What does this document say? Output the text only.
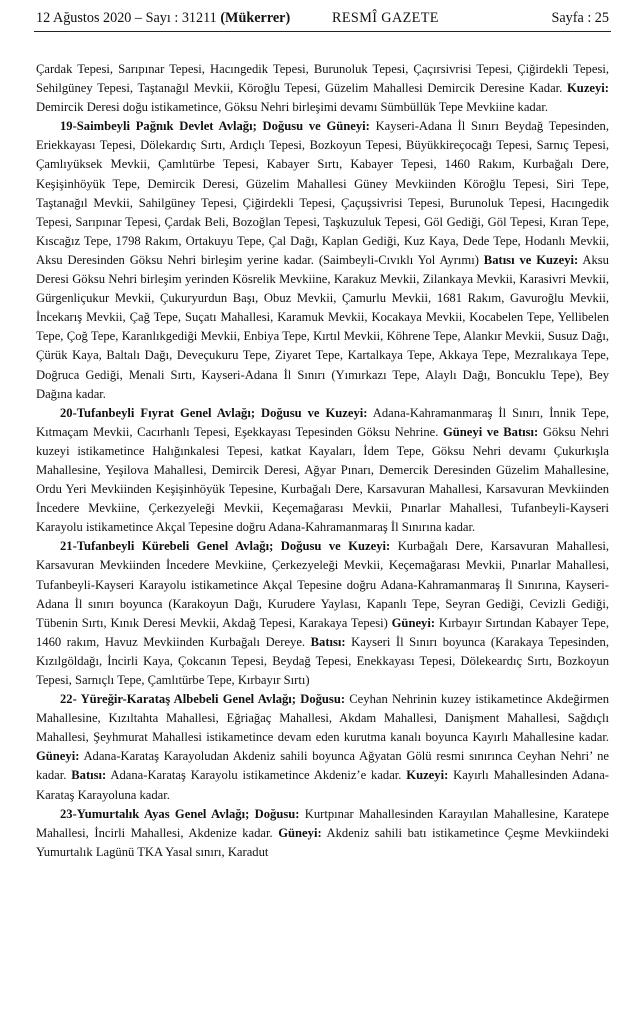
12 Ağustos 2020 – Sayı : 31211 (Mükerrer)	RESMÎ GAZETE	Sayfa : 25

Çardak Tepesi, Sarıpınar Tepesi, Hacıngedik Tepesi, Burunoluk Tepesi, Çaçırsivrisi Tepesi, Çiğirdekli Tepesi, Sehilgüney Tepesi, Taştanağıl Mevkii, Köroğlu Tepesi, Güzelim Mahallesi Demircik Deresine Kadar. Kuzeyi: Demircik Deresi doğu istikametince, Göksu Nehri birleşimi devamı Sümbüllük Tepe Mevkiine kadar.

19-Saimbeyli Pağnık Devlet Avlağı; Doğusu ve Güneyi: Kayseri-Adana İl Sınırı Beydağ Tepesinden, Eriekkayası Tepesi, Dölekardıç Sırtı, Ardıçlı Tepesi, Bozkoyun Tepesi, Büyükkireçocağı Tepesi, Sarnıç Tepesi, Çamlıyüksek Mevkii, Çamlıtürbe Tepesi, Kabayer Sırtı, Kabayer Tepesi, 1460 Rakım, Kurbağalı Dere, Keşişinhöyük Tepe, Demircik Deresi, Güzelim Mahallesi Güney Mevkiinden Köroğlu Tepesi, Siri Tepe, Taştanağıl Mevkii, Sahilgüney Tepesi, Çiğirdekli Tepesi, Çaçuşsivrisi Tepesi, Burunoluk Tepesi, Hacıngedik Tepesi, Sarıpınar Tepesi, Çardak Beli, Bozoğlan Tepesi, Taşkuzuluk Tepesi, Göl Gediği, Göl Tepesi, Kıran Tepe, Kıscağız Tepe, 1798 Rakım, Ortakuyu Tepe, Çal Dağı, Kaplan Gediği, Kuz Kaya, Dede Tepe, Hodanlı Mevkii, Aksu Deresinden Göksu Nehri birleşim yerine kadar. (Saimbeyli-Cıvıklı Yol Ayrımı) Batısı ve Kuzeyi: Aksu Deresi Göksu Nehri birleşim yerinden Kösrelik Mevkiine, Karakuz Mevkii, Zilankaya Mevkii, Karasivri Mevkii, Gürgenliçukur Mevkii, Çukuryurdun Başı, Obuz Mevkii, Çamurlu Mevkii, 1681 Rakım, Gavuroğlu Mevkii, İncekarış Mevkii, Çağ Tepe, Suçatı Mahallesi, Karamuk Mevkii, Kocakaya Mevkii, Kocabelen Tepe, Yellibelen Tepe, Çoğ Tepe, Karanlıkgediği Mevkii, Enbiya Tepe, Kırtıl Mevkii, Köhrene Tepe, Alankır Mevkii, Susuz Dağı, Çürük Kaya, Baltalı Dağı, Deveçukuru Tepe, Ziyaret Tepe, Kartalkaya Tepe, Akkaya Tepe, Mezralıkaya Tepe, Doğruca Gediği, Menali Sırtı, Kayseri-Adana İl Sınırı (Yımırkazı Tepe, Alaylı Dağı, Boncuklu Tepe), Bey Dağına kadar.

20-Tufanbeyli Fıyrat Genel Avlağı; Doğusu ve Kuzeyi: Adana-Kahramanmaraş İl Sınırı, İnnik Tepe, Kıtmaçam Mevkii, Cacırhanlı Tepesi, Eşekkayası Tepesinden Göksu Nehrine. Güneyi ve Batısı: Göksu Nehri kuzeyi istikametince Halığınkalesi Tepesi, katkat Kayaları, İdem Tepe, Göksu Nehri devamı Çukurkışla Mahallesine, Yeşilova Mahallesi, Demircik Deresi, Ağyar Pınarı, Demercik Deresinden Güzelim Mahallesine, Ordu Yeri Mevkiinden Keşişinhöyük Tepesine, Kurbağalı Dere, Karsavuran Mahallesi, Karsavuran Mevkiinden İncedere Mevkiine, Çerkezyeleği Mevkii, Keçemağarası Mevkii, Pınarlar Mahallesi, Tufanbeyli-Kayseri Karayolu istikametince Akçal Tepesine doğru Adana-Kahramanmaraş İl Sınırına kadar.

21-Tufanbeyli Kürebeli Genel Avlağı; Doğusu ve Kuzeyi: Kurbağalı Dere, Karsavuran Mahallesi, Karsavuran Mevkiinden İncedere Mevkiine, Çerkezyeleği Mevkii, Keçemağarası Mevkii, Pınarlar Mahallesi, Tufanbeyli-Kayseri Karayolu istikametince Akçal Tepesine doğru Adana-Kahramanmaraş İl Sınırına, Kayseri-Adana İl sınırı boyunca (Karakoyun Dağı, Kurudere Yaylası, Kapanlı Tepe, Seyran Gediği, Cevizli Gediği, Tübenin Sırtı, Kınık Deresi Mevkii, Akdağ Tepesi, Karakaya Tepesi) Güneyi: Kırbayır Sırtından Kabayer Tepe, 1460 rakım, Havuz Mevkiinden Kurbağalı Dereye. Batısı: Kayseri İl Sınırı boyunca (Karakaya Tepesinden, Kızılgöldağı, İncirli Kaya, Çokcanın Tepesi, Beydağ Tepesi, Enekkayası Tepesi, Dölekeardıç Sırtı, Bozkoyun Tepesi, Sarnıçlı Tepe, Çamlıtürbe Tepe, Kırbayır Sırtı)

22- Yüreğir-Karataş Albebeli Genel Avlağı; Doğusu: Ceyhan Nehrinin kuzey istikametince Akdeğirmen Mahallesine, Kızıltahta Mahallesi, Eğriağaç Mahallesi, Akdam Mahallesi, Danişment Mahallesi, Sağdıçlı Mahallesi, Şeyhmurat Mahallesi istikametince devam eden kurutma kanalı boyunca Kayırlı Mahallesine kadar. Güneyi: Adana-Karataş Karayoludan Akdeniz sahili boyunca Ağyatan Gölü resmi sınırınca Ceyhan Nehri’ ne kadar. Batısı: Adana-Karataş Karayolu istikametince Akdeniz’e kadar. Kuzeyi: Kayırlı Mahallesinden Adana-Karataş Karayoluna kadar.

23-Yumurtalık Ayas Genel Avlağı; Doğusu: Kurtpınar Mahallesinden Karayılan Mahallesine, Karatepe Mahallesi, İncirli Mahallesi, Akdenize kadar. Güneyi: Akdeniz sahili batı istikametince Çeşme Mevkiindeki Yumurtalık Lagünü TKA Yasal sınırı, Karadut
